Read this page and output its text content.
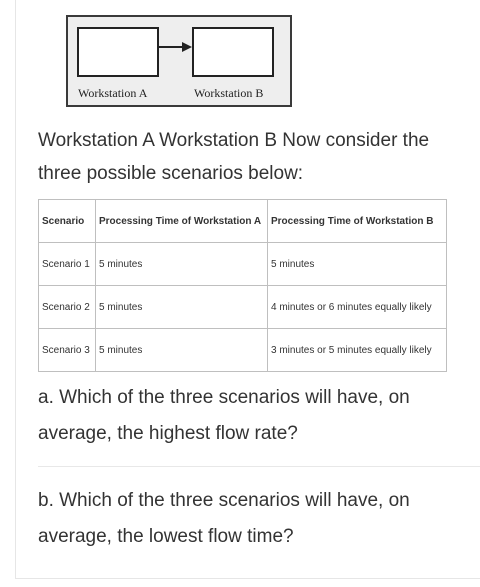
Workstation A	Workstation B
Workstation A Workstation B Now consider the
three possible scenarios below:
Scenario	Processing Time of Workstation A	Processing Time of Workstation B
Scenario 1	5 minutes	5 minutes
Scenario 2	5 minutes	4 minutes or 6 minutes equally likely
Scenario 3	5 minutes	3 minutes or 5 minutes equally likely

a. Which of the three scenarios will have, on average, the highest flow rate?

b. Which of the three scenarios will have, on average, the lowest flow time?
